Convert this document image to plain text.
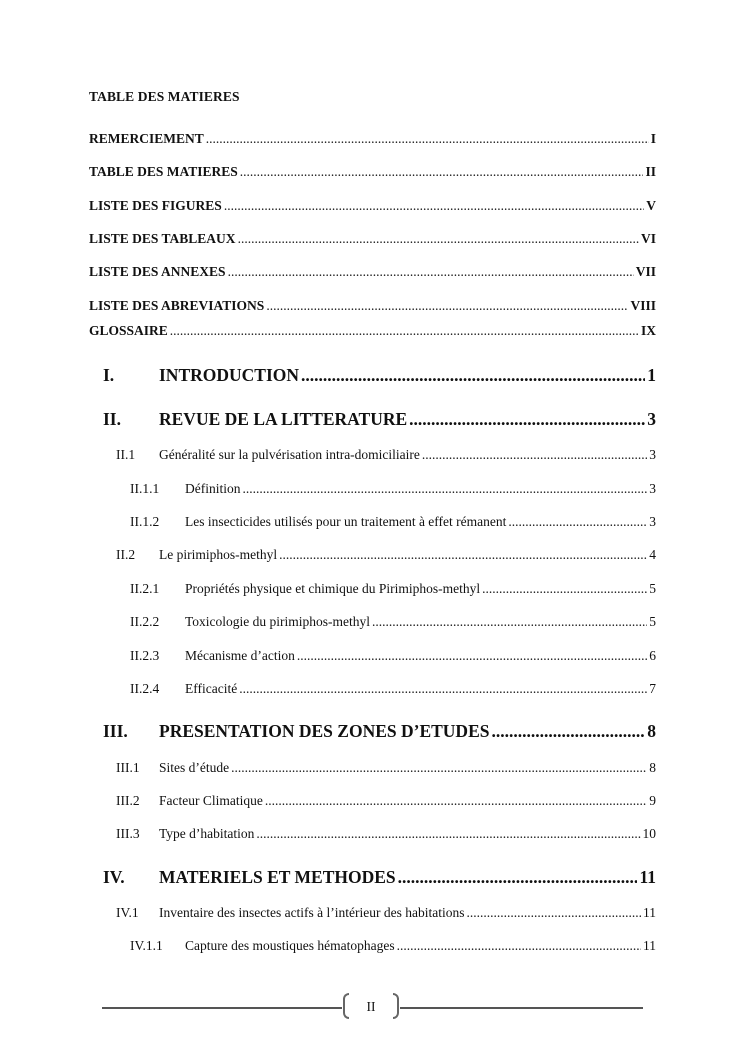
TABLE DES MATIERES
REMERCIEMENT .....	I
TABLE DES MATIERES .....	II
LISTE DES FIGURES .....	V
LISTE DES TABLEAUX .....	VI
LISTE DES ANNEXES .....	VII
LISTE DES ABREVIATIONS .....	VIII
GLOSSAIRE .....	IX
I.	INTRODUCTION .....	1
II.	REVUE DE LA LITTERATURE .....	3
II.1	Généralité sur la pulvérisation intra-domiciliaire .....	3
II.1.1	Définition .....	3
II.1.2	Les insecticides utilisés pour un traitement à effet rémanent .....	3
II.2	Le pirimiphos-methyl .....	4
II.2.1	Propriétés physique et chimique du Pirimiphos-methyl .....	5
II.2.2	Toxicologie du pirimiphos-methyl .....	5
II.2.3	Mécanisme d’action .....	6
II.2.4	Efficacité .....	7
III.	PRESENTATION DES ZONES D’ETUDES .....	8
III.1	Sites d’étude .....	8
III.2	Facteur Climatique .....	9
III.3	Type d’habitation .....	10
IV.	MATERIELS ET METHODES .....	11
IV.1	Inventaire des insectes actifs à l’intérieur des habitations .....	11
IV.1.1	Capture des moustiques hématophages .....	11
II
